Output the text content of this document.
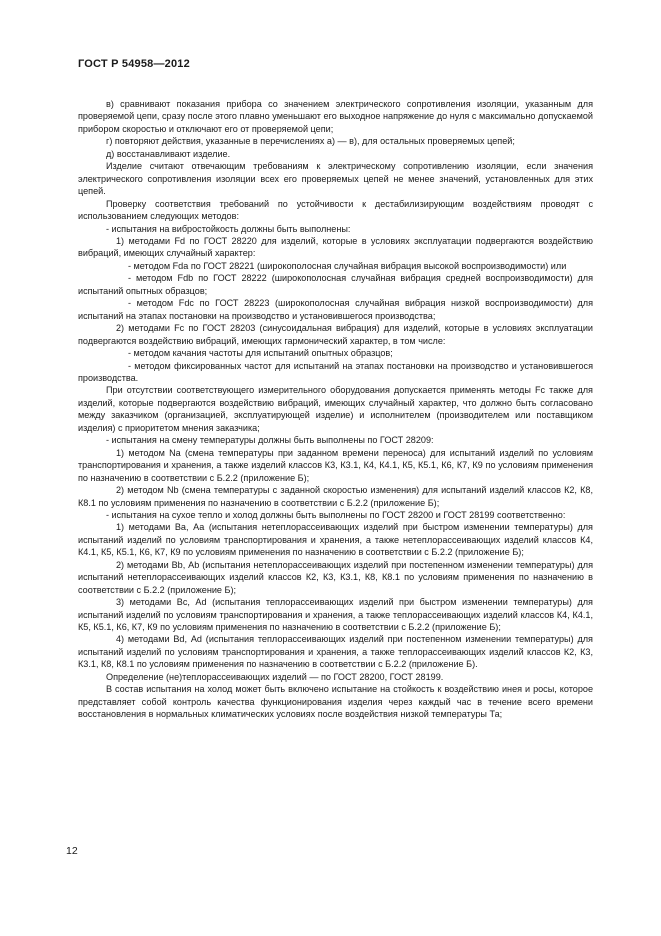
ГОСТ Р 54958—2012

в) сравнивают показания прибора со значением электрического сопротивления изоляции, указанным для проверяемой цепи, сразу после этого плавно уменьшают его выходное напряжение до нуля с максимально допускаемой прибором скоростью и отключают его от проверяемой цепи;

г) повторяют действия, указанные в перечислениях а) — в), для остальных проверяемых цепей;

д) восстанавливают изделие.

Изделие считают отвечающим требованиям к электрическому сопротивлению изоляции, если значения электрического сопротивления изоляции всех его проверяемых цепей не менее значений, установленных для этих цепей.

Проверку соответствия требований по устойчивости к дестабилизирующим воздействиям проводят с использованием следующих методов:

- испытания на вибростойкость должны быть выполнены:

1) методами Fd по ГОСТ 28220 для изделий, которые в условиях эксплуатации подвергаются воздействию вибраций, имеющих случайный характер:

- методом Fda по ГОСТ 28221 (широкополосная случайная вибрация высокой воспроизводимости) или

- методом Fdb по ГОСТ 28222 (широкополосная случайная вибрация средней воспроизводимости) для испытаний опытных образцов;

- методом Fdc по ГОСТ 28223 (широкополосная случайная вибрация низкой воспроизводимости) для испытаний на этапах постановки на производство и установившегося производства;

2) методами Fc по ГОСТ 28203 (синусоидальная вибрация) для изделий, которые в условиях эксплуатации подвергаются воздействию вибраций, имеющих гармонический характер, в том числе:

- методом качания частоты для испытаний опытных образцов;

- методом фиксированных частот для испытаний на этапах постановки на производство и установившегося производства.

При отсутствии соответствующего измерительного оборудования допускается применять методы Fc также для изделий, которые подвергаются воздействию вибраций, имеющих случайный характер, что должно быть согласовано между заказчиком (организацией, эксплуатирующей изделие) и исполнителем (производителем или поставщиком изделия) с приоритетом мнения заказчика;

- испытания на смену температуры должны быть выполнены по ГОСТ 28209:

1) методом Na (смена температуры при заданном времени переноса) для испытаний изделий по условиям транспортирования и хранения, а также изделий классов К3, К3.1, К4, К4.1, К5, К5.1, К6, К7, К9 по условиям применения по назначению в соответствии с Б.2.2 (приложение Б);

2) методом Nb (смена температуры с заданной скоростью изменения) для испытаний изделий классов К2, К8, К8.1 по условиям применения по назначению в соответствии с Б.2.2 (приложение Б);

- испытания на сухое тепло и холод должны быть выполнены по ГОСТ 28200 и ГОСТ 28199 соответственно:

1) методами Ва, Аа (испытания нетеплорассеивающих изделий при быстром изменении температуры) для испытаний изделий по условиям транспортирования и хранения, а также нетеплорассеивающих изделий классов К4, К4.1, К5, К5.1, К6, К7, К9 по условиям применения по назначению в соответствии с Б.2.2 (приложение Б);

2) методами Вb, Аb (испытания нетеплорассеивающих изделий при постепенном изменении температуры) для испытаний нетеплорассеивающих изделий классов К2, К3, К3.1, К8, К8.1 по условиям применения по назначению в соответствии с Б.2.2 (приложение Б);

3) методами Вс, Аd (испытания теплорассеивающих изделий при быстром изменении температуры) для испытаний изделий по условиям транспортирования и хранения, а также теплорассеивающих изделий классов К4, К4.1, К5, К5.1, К6, К7, К9 по условиям применения по назначению в соответствии с Б.2.2 (приложение Б);

4) методами Вd, Аd (испытания теплорассеивающих изделий при постепенном изменении температуры) для испытаний изделий по условиям транспортирования и хранения, а также теплорассеивающих изделий классов К2, К3, К3.1, К8, К8.1 по условиям применения по назначению в соответствии с Б.2.2 (приложение Б).

Определение (не)теплорассеивающих изделий — по ГОСТ 28200, ГОСТ 28199.

В состав испытания на холод может быть включено испытание на стойкость к воздействию инея и росы, которое представляет собой контроль качества функционирования изделия через каждый час в течение всего времени восстановления в нормальных климатических условиях после воздействия низкой температуры Та;

12
